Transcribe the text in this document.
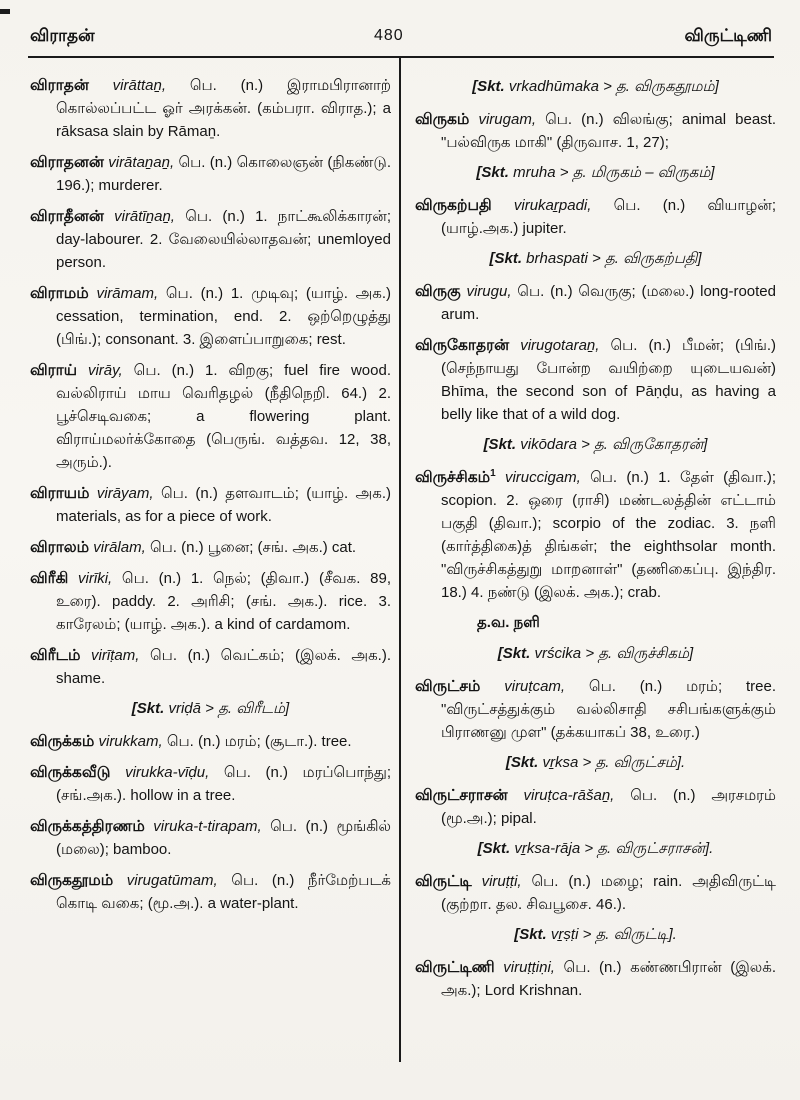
விராதன்	480	விருட்டிணி

விராதன் virāttaṉ, பெ. (n.) இராமபிரானாற் கொல்லப்பட்ட ஓர் அரக்கன். (கம்பரா. விராத.); a rāksasa slain by Rāmaṉ.

விராதனன் virātaṉaṉ, பெ. (n.) கொலைஞன் (நிகண்டு. 196.); murderer.

விராதீனன் virātīṉaṉ, பெ. (n.) 1. நாட்கூலிக்காரன்; day-labourer. 2. வேலையில்லாதவன்; unemloyed person.

விராமம் virāmam, பெ. (n.) 1. முடிவு; (யாழ். அக.) cessation, termination, end. 2. ஒற்றெழுத்து (பிங்.); consonant. 3. இளைப்பாறுகை; rest.

விராய் virāy, பெ. (n.) 1. விறகு; fuel fire wood. வல்லிராய் மாய வெரிதழல் (நீதிநெறி. 64.) 2. பூச்செடிவகை; a flowering plant. விராய்மலர்க்கோதை (பெருங். வத்தவ. 12, 38, அரும்.).

விராயம் virāyam, பெ. (n.) தளவாடம்; (யாழ். அக.) materials, as for a piece of work.

விராலம் virālam, பெ. (n.) பூனை; (சங். அக.) cat.

விரீகி virīki, பெ. (n.) 1. நெல்; (திவா.) (சீவக. 89, உரை). paddy. 2. அரிசி; (சங். அக.). rice. 3. காரேலம்; (யாழ். அக.). a kind of cardamom.

விரீடம் virīṭam, பெ. (n.) வெட்கம்; (இலக். அக.). shame.

[Skt. vriḍā > த. விரீடம்]

விருக்கம் virukkam, பெ. (n.) மரம்; (சூடா.). tree.

விருக்கவீடு virukka-vīḍu, பெ. (n.) மரப்பொந்து; (சங்.அக.). hollow in a tree.

விருக்கத்திரணம் viruka-t-tirapam, பெ. (n.) மூங்கில் (மலை); bamboo.

விருகதூமம் virugatūmam, பெ. (n.) நீர்மேற்படக் கொடி வகை; (மூ.அ.). a water-plant.

[Skt. vrkadhūmaka > த. விருகதூமம்]

விருகம் virugam, பெ. (n.) விலங்கு; animal beast. "பல்விருக மாகி" (திருவாச. 1, 27);

[Skt. mruha > த. மிருகம் – விருகம்]

விருகற்பதி virukaṟpadi, பெ. (n.) வியாழன்; (யாழ்.அக.) jupiter.

[Skt. brhaspati > த. விருகற்பதி]

விருகு virugu, பெ. (n.) வெருகு; (மலை.) long-rooted arum.

விருகோதரன் virugotaraṉ, பெ. (n.) பீமன்; (பிங்.) (செந்நாயது போன்ற வயிற்றை யுடையவன்) Bhīma, the second son of Pāṇḍu, as having a belly like that of a wild dog.

[Skt. vikōdara > த. விருகோதரன்]

விருச்சிகம்$^1$ viruccigam, பெ. (n.) 1. தேள் (திவா.); scopion. 2. ஒரை (ராசி) மண்டலத்தின் எட்டாம் பகுதி (திவா.); scorpio of the zodiac. 3. நளி (கார்த்திகை)த் திங்கள்; the eighthsolar month. "விருச்சிகத்துறு மாறனாள்" (தணிகைப்பு. இந்திர. 18.) 4. நண்டு (இலக். அக.); crab.

த.வ. நளி
[Skt. vrścika > த. விருச்சிகம்]

விருட்சம் viruṭcam, பெ. (n.) மரம்; tree. "விருட்சத்துக்கும் வல்லிசாதி சசிபங்களுக்கும் பிராணனு முள" (தக்கயாகப் 38, உரை.)

[Skt. vṟksa > த. விருட்சம்].

விருட்சராசன் viruṭca-rāšaṉ, பெ. (n.) அரசமரம் (மூ.அ.); pipal.

[Skt. vṟksa-rāja > த. விருட்சராசன்].

விருட்டி viruṭṭi, பெ. (n.) மழை; rain. அதிவிருட்டி (குற்றா. தல. சிவபூசை. 46.).

[Skt. vṟṣṭi > த. விருட்டி].

விருட்டிணி viruṭṭiṇi, பெ. (n.) கண்ணபிரான் (இலக். அக.); Lord Krishnan.
